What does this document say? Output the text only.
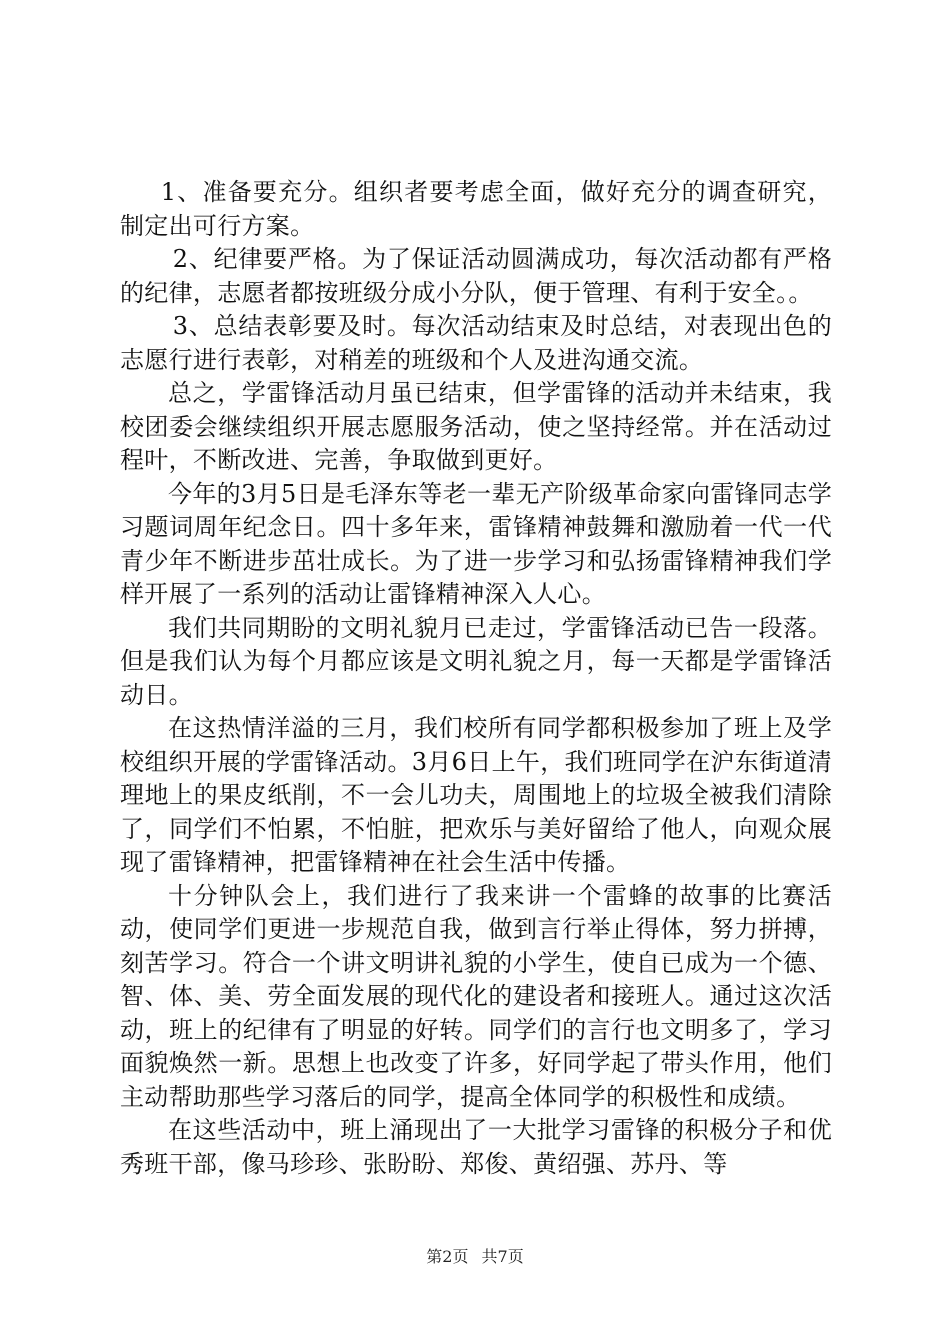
1、准备要充分。组织者要考虑全面，做好充分的调查研究，制定出可行方案。

2、纪律要严格。为了保证活动圆满成功，每次活动都有严格的纪律，志愿者都按班级分成小分队，便于管理、有利于安全。。

3、总结表彰要及时。每次活动结束及时总结，对表现出色的志愿行进行表彰，对稍差的班级和个人及进沟通交流。

总之，学雷锋活动月虽已结束，但学雷锋的活动并未结束，我校团委会继续组织开展志愿服务活动，使之坚持经常。并在活动过程叶，不断改进、完善，争取做到更好。

今年的3月5日是毛泽东等老一辈无产阶级革命家向雷锋同志学习题词周年纪念日。四十多年来，雷锋精神鼓舞和激励着一代一代青少年不断进步茁壮成长。为了进一步学习和弘扬雷锋精神我们学样开展了一系列的活动让雷锋精神深入人心。

我们共同期盼的文明礼貌月已走过，学雷锋活动已告一段落。但是我们认为每个月都应该是文明礼貌之月，每一天都是学雷锋活动日。

在这热情洋溢的三月，我们校所有同学都积极参加了班上及学校组织开展的学雷锋活动。3月6日上午，我们班同学在沪东街道清理地上的果皮纸削，不一会儿功夫，周围地上的垃圾全被我们清除了，同学们不怕累，不怕脏，把欢乐与美好留给了他人，向观众展现了雷锋精神，把雷锋精神在社会生活中传播。

十分钟队会上，我们进行了我来讲一个雷蜂的故事的比赛活动，使同学们更进一步规范自我，做到言行举止得体，努力拼搏，刻苦学习。符合一个讲文明讲礼貌的小学生，使自已成为一个德、智、体、美、劳全面发展的现代化的建设者和接班人。通过这次活动，班上的纪律有了明显的好转。同学们的言行也文明多了，学习面貌焕然一新。思想上也改变了许多，好同学起了带头作用，他们主动帮助那些学习落后的同学，提高全体同学的积极性和成绩。

在这些活动中，班上涌现出了一大批学习雷锋的积极分子和优秀班干部，像马珍珍、张盼盼、郑俊、黄绍强、苏丹、等

第2页 共7页
